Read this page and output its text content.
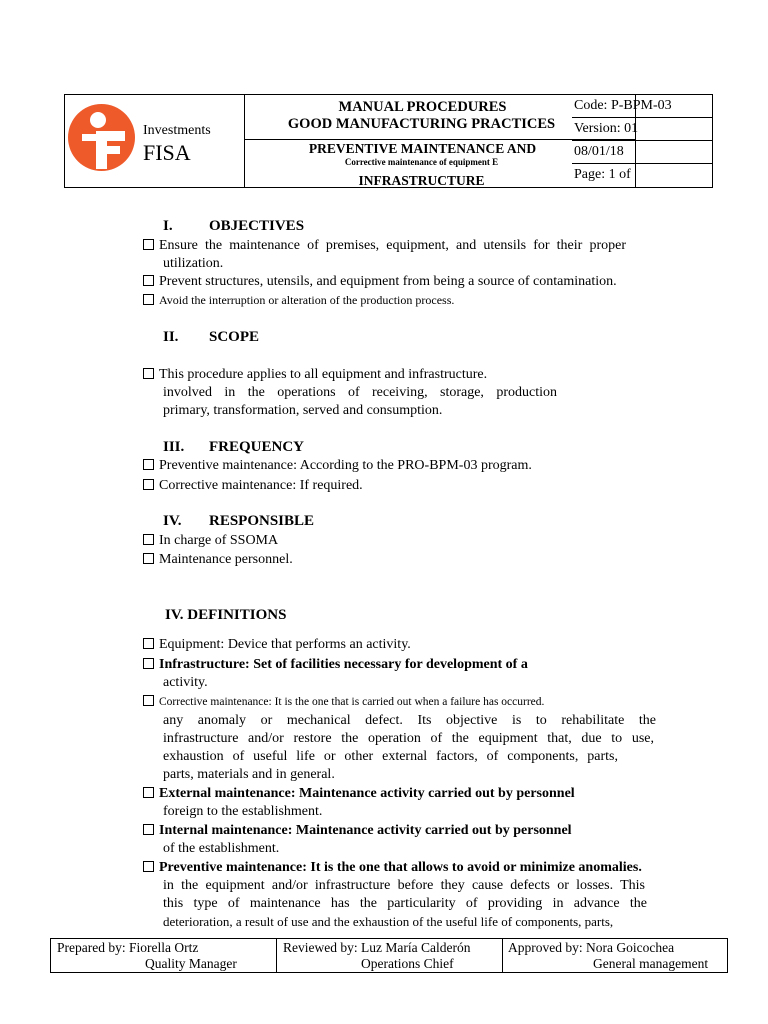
Investments
FISA
MANUAL PROCEDURES
GOOD MANUFACTURING PRACTICES
PREVENTIVE MAINTENANCE AND
Corrective maintenance of equipment E
INFRASTRUCTURE
Code: P-BPM-03
Version: 01
08/01/18
Page: 1 of
I. OBJECTIVES
Ensure the maintenance of premises, equipment, and utensils for their proper
utilization.
Prevent structures, utensils, and equipment from being a source of contamination.
Avoid the interruption or alteration of the production process.
II. SCOPE
This procedure applies to all equipment and infrastructure.
involved in the operations of receiving, storage, production
primary, transformation, served and consumption.
III. FREQUENCY
Preventive maintenance: According to the PRO-BPM-03 program.
Corrective maintenance: If required.
IV. RESPONSIBLE
In charge of SSOMA
Maintenance personnel.
IV. DEFINITIONS
Equipment: Device that performs an activity.
Infrastructure: Set of facilities necessary for development of a
activity.
Corrective maintenance: It is the one that is carried out when a failure has occurred.
any anomaly or mechanical defect. Its objective is to rehabilitate the
infrastructure and/or restore the operation of the equipment that, due to use,
exhaustion of useful life or other external factors, of components, parts,
parts, materials and in general.
External maintenance: Maintenance activity carried out by personnel
foreign to the establishment.
Internal maintenance: Maintenance activity carried out by personnel
of the establishment.
Preventive maintenance: It is the one that allows to avoid or minimize anomalies.
in the equipment and/or infrastructure before they cause defects or losses. This
this type of maintenance has the particularity of providing in advance the
deterioration, a result of use and the exhaustion of the useful life of components, parts,
Prepared by: Fiorella Ortz
Quality Manager
Reviewed by: Luz María Calderón
Operations Chief
Approved by: Nora Goicochea
General management
